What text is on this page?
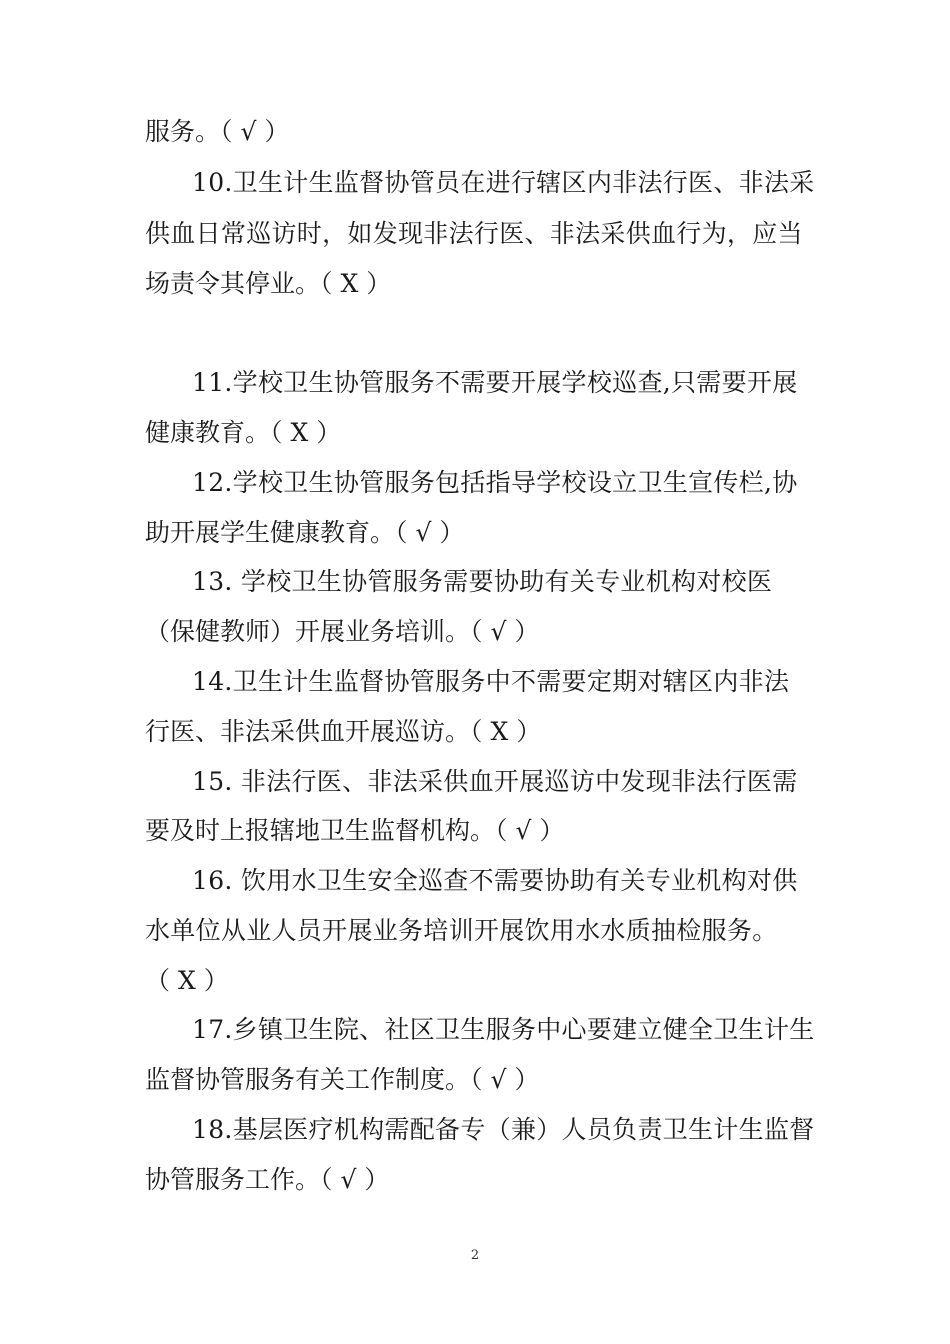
服务。（ √ ）
10.卫生计生监督协管员在进行辖区内非法行医、非法采
供血日常巡访时，如发现非法行医、非法采供血行为，应当
场责令其停业。（ X ）
11.学校卫生协管服务不需要开展学校巡查,只需要开展
健康教育。（ X ）
12.学校卫生协管服务包括指导学校设立卫生宣传栏,协
助开展学生健康教育。（ √ ）
13. 学校卫生协管服务需要协助有关专业机构对校医
（保健教师）开展业务培训。（ √ ）
14.卫生计生监督协管服务中不需要定期对辖区内非法
行医、非法采供血开展巡访。（ X ）
15. 非法行医、非法采供血开展巡访中发现非法行医需
要及时上报辖地卫生监督机构。（ √ ）
16. 饮用水卫生安全巡查不需要协助有关专业机构对供
水单位从业人员开展业务培训开展饮用水水质抽检服务。
（ X ）
17.乡镇卫生院、社区卫生服务中心要建立健全卫生计生
监督协管服务有关工作制度。（ √ ）
18.基层医疗机构需配备专（兼）人员负责卫生计生监督
协管服务工作。（ √ ）
2
